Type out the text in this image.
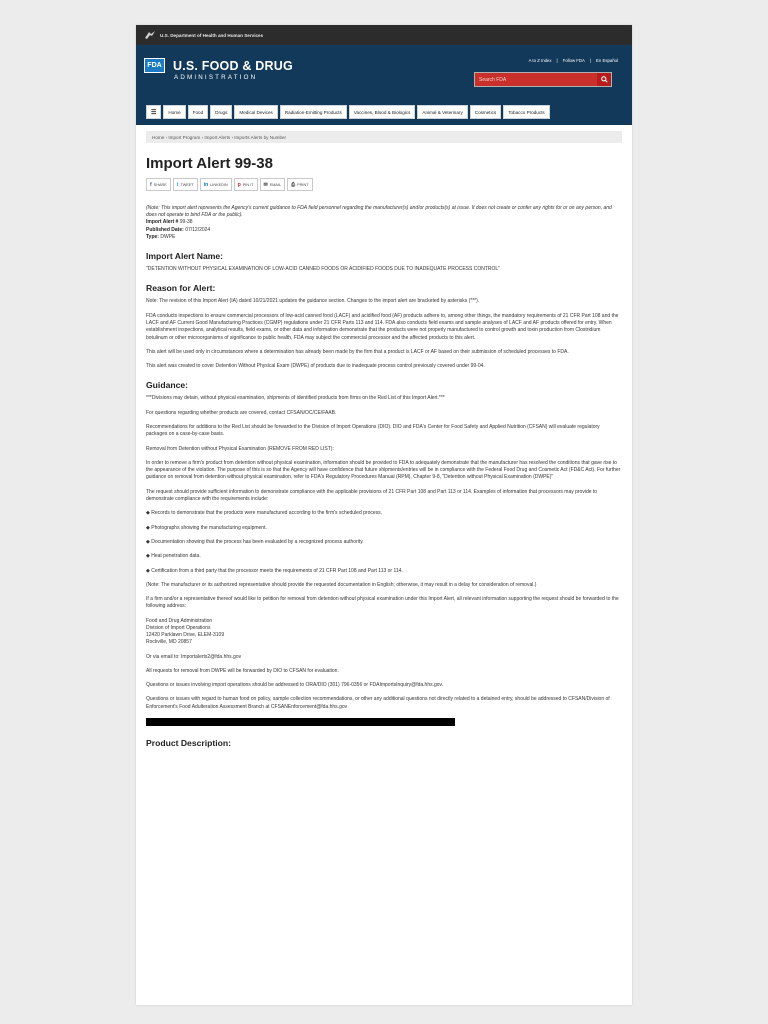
U.S. Department of Health and Human Services
FDA U.S. FOOD & DRUG
ADMINISTRATION
A to Z Index | Follow FDA | En Español
Search FDA
☰	Home	Food	Drugs	Medical Devices	Radiation-Emitting Products	Vaccines, Blood & Biologics	Animal & Veterinary	Cosmetics	Tobacco Products
Home › Import Program › Import Alerts › Imports Alerts by Number
Import Alert 99-38
f SHARE t TWEET in LINKEDIN p PIN IT ✉ EMAIL ⎙ PRINT

(Note: This import alert represents the Agency's current guidance to FDA field personnel regarding the manufacturer(s) and/or products(s) at issue. It does not create or confer any rights for or on any person, and does not operate to bind FDA or the public).

Import Alert # 99-38
Published Date: 07/12/2024
Type: DWPE
Import Alert Name:

"DETENTION WITHOUT PHYSICAL EXAMINATION OF LOW-ACID CANNED FOODS OR ACIDIFIED FOODS DUE TO INADEQUATE PROCESS CONTROL"

Reason for Alert:

Note: The revision of this Import Alert (IA) dated 10/21/2021 updates the guidance section. Changes to the import alert are bracketed by asterisks (***).

FDA conducts inspections to ensure commercial processors of low-acid canned food (LACF) and acidified food (AF) products adhere to, among other things, the mandatory requirements of 21 CFR Part 108 and the LACF and AF Current Good Manufacturing Practices (CGMP) regulations under 21 CFR Parts 113 and 114. FDA also conducts field exams and sample analyses of LACF and AF products offered for entry. When establishment inspections, analytical results, field exams, or other data and information demonstrate that the products were not properly manufactured to control growth and toxin production from Clostridium botulinum or other microorganisms of significance to public health, FDA may subject the commercial processor and the affected products to this alert.

This alert will be used only in circumstances where a determination has already been made by the firm that a product is LACF or AF based on their submission of scheduled processes to FDA.

This alert was created to cover Detention Without Physical Exam (DWPE) of products due to inadequate process control previously covered under 99-04.

Guidance:

***Divisions may detain, without physical examination, shipments of identified products from firms on the Red List of this Import Alert.***

For questions regarding whether products are covered, contact CFSAN/OC/CE/FAAB.

Recommendations for additions to the Red List should be forwarded to the Division of Import Operations (DIO). DIO and FDA's Center for Food Safety and Applied Nutrition (CFSAN) will evaluate regulatory packages on a case-by-case basis.

Removal from Detention without Physical Examination (REMOVE FROM RED LIST):

In order to remove a firm's product from detention without physical examination, information should be provided to FDA to adequately demonstrate that the manufacturer has resolved the conditions that gave rise to the appearance of the violation. The purpose of this is so that the Agency will have confidence that future shipments/entries will be in compliance with the Federal Food Drug and Cosmetic Act (FD&C Act). For further guidance on removal from detention without physical examination, refer to FDA's Regulatory Procedures Manual (RPM), Chapter 9-8, "Detention without Physical Examination (DWPE)"

The request should provide sufficient information to demonstrate compliance with the applicable provisions of 21 CFR Part 108 and Part 113 or 114. Examples of information that processors may provide to demonstrate compliance with the requirements include:

◆ Records to demonstrate that the products were manufactured according to the firm's scheduled process.

◆ Photographs showing the manufacturing equipment.

◆ Documentation showing that the process has been evaluated by a recognized process authority.

◆ Heat penetration data.

◆ Certification from a third party that the processor meets the requirements of 21 CFR Part 108 and Part 113 or 114.

(Note: The manufacturer or its authorized representative should provide the requested documentation in English; otherwise, it may result in a delay for consideration of removal.)

If a firm and/or a representative thereof would like to petition for removal from detention without physical examination under this Import Alert, all relevant information supporting the request should be forwarded to the following address:

Food and Drug Administration
Division of Import Operations
12420 Parklawn Drive, ELEM-3109
Rockville, MD 20857

Or via email to: Importalerts2@fda.hhs.gov

All requests for removal from DWPE will be forwarded by DIO to CFSAN for evaluation.

Questions or issues involving import operations should be addressed to ORA/DIO (301) 796-0356 or FDAImportsInquiry@fda.hhs.gov.

Questions or issues with regard to human food on policy, sample collection recommendations, or other any additional questions not directly related to a detained entry, should be addressed to CFSAN/Division of Enforcement's Food Adulteration Assessment Branch at CFSANEnforcement@fda.hhs.gov

Product Description:
